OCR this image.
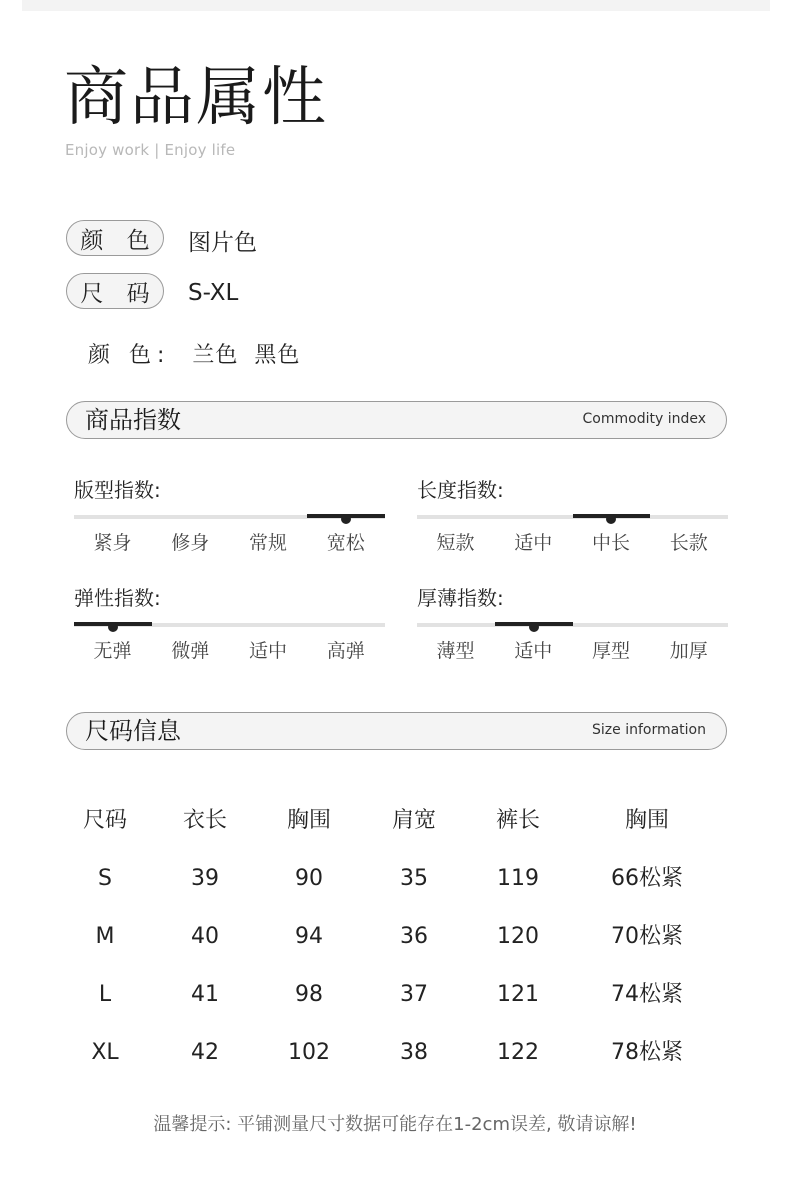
商品属性
Enjoy work | Enjoy life
颜 色 图片色
尺 码 S-XL
颜 色: 兰色  黑色
商品指数	Commodity index
版型指数:
紧身	修身	常规	宽松
长度指数:
短款	适中	中长	长款
弹性指数:
无弹	微弹	适中	高弹
厚薄指数:
薄型	适中	厚型	加厚
尺码信息	Size information
尺码	衣长	胸围	肩宽	裤长	胸围
S	39	90	35	119	66松紧
M	40	94	36	120	70松紧
L	41	98	37	121	74松紧
XL	42	102	38	122	78松紧
温馨提示: 平铺测量尺寸数据可能存在1-2cm误差, 敬请谅解!
